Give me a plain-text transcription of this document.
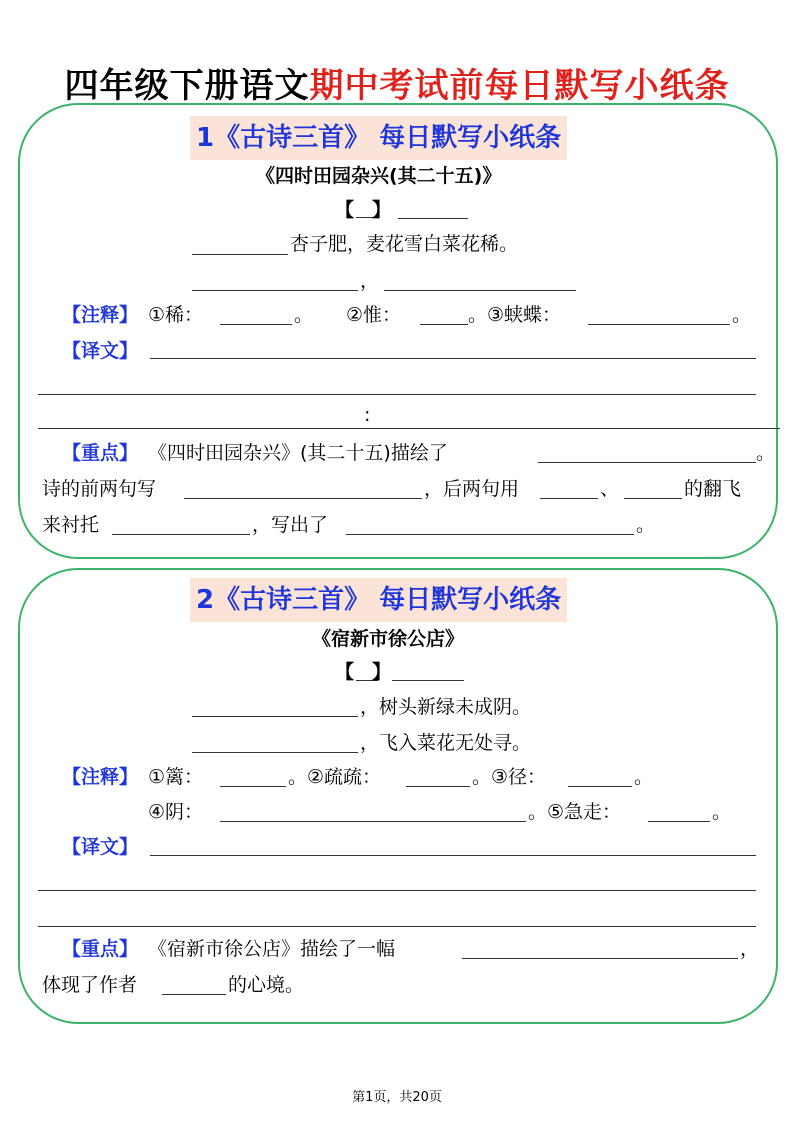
四年级下册语文期中考试前每日默写小纸条
1《古诗三首》 每日默写小纸条
《四时田园杂兴(其二十五)》
【 】
杏子肥，麦花雪白菜花稀。
，
【注释】 ①稀：	。 ②惟：	。③蛱蝶：	。
【译文】
:
【重点】 《四时田园杂兴》(其二十五)描绘了	。
诗的前两句写	，后两句用	、	的翻飞
来衬托	，写出了	。
2《古诗三首》 每日默写小纸条
《宿新市徐公店》
【 】
，树头新绿未成阴。
，飞入菜花无处寻。
【注释】 ①篱：	。②疏疏：	。③径：	。
④阴：	。⑤急走：	。
【译文】
【重点】 《宿新市徐公店》描绘了一幅	，
体现了作者	的心境。
第1页，共20页
